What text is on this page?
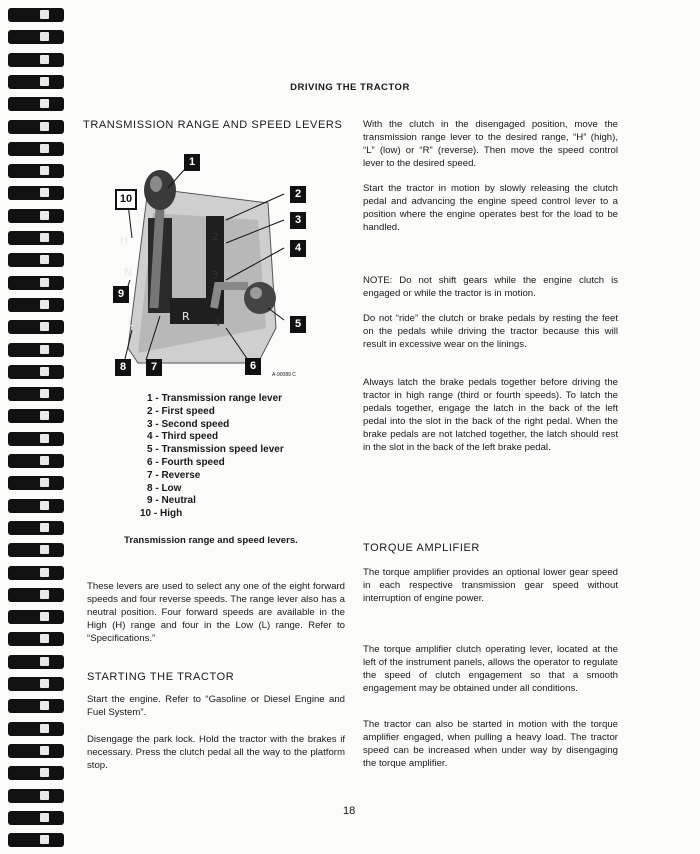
DRIVING THE TRACTOR
TRANSMISSION RANGE AND SPEED LEVERS
H
N
L	R
2
3
4
1
2
3
4
5
6
7
8
9
10
A-90089 C
1 - Transmission range lever
2 - First speed
3 - Second speed
4 - Third speed
5 - Transmission speed lever
6 - Fourth speed
7 - Reverse
8 - Low
9 - Neutral
10 - High
Transmission range and speed levers.

These levers are used to select any one of the eight forward speeds and four reverse speeds. The range lever also has a neutral position. Four forward speeds are available in the High (H) range and four in the Low (L) range. Refer to “Specifications.”

STARTING THE TRACTOR

Start the engine. Refer to “Gasoline or Diesel Engine and Fuel System”.

Disengage the park lock. Hold the tractor with the brakes if necessary. Press the clutch pedal all the way to the platform stop.

With the clutch in the disengaged position, move the transmission range lever to the desired range, “H” (high), “L” (low) or “R” (reverse). Then move the speed control lever to the desired speed.

Start the tractor in motion by slowly releasing the clutch pedal and advancing the engine speed control lever to a position where the engine operates best for the load to be handled.

NOTE: Do not shift gears while the engine clutch is engaged or while the tractor is in motion.

Do not “ride” the clutch or brake pedals by resting the feet on the pedals while driving the tractor because this will result in excessive wear on the linings.

Always latch the brake pedals together before driving the tractor in high range (third or fourth speeds). To latch the pedals together, engage the latch in the back of the left pedal into the slot in the back of the right pedal. When the brake pedals are not latched together, the latch should rest in the slot in the back of the left brake pedal.

TORQUE AMPLIFIER

The torque amplifier provides an optional lower gear speed in each respective transmission gear speed without interruption of engine power.

The torque amplifier clutch operating lever, located at the left of the instrument panels, allows the operator to regulate the speed of clutch engagement so that a smooth engagement may be obtained under all conditions.

The tractor can also be started in motion with the torque amplifier engaged, when pulling a heavy load. The tractor speed can be increased when under way by disengaging the torque amplifier.

18
